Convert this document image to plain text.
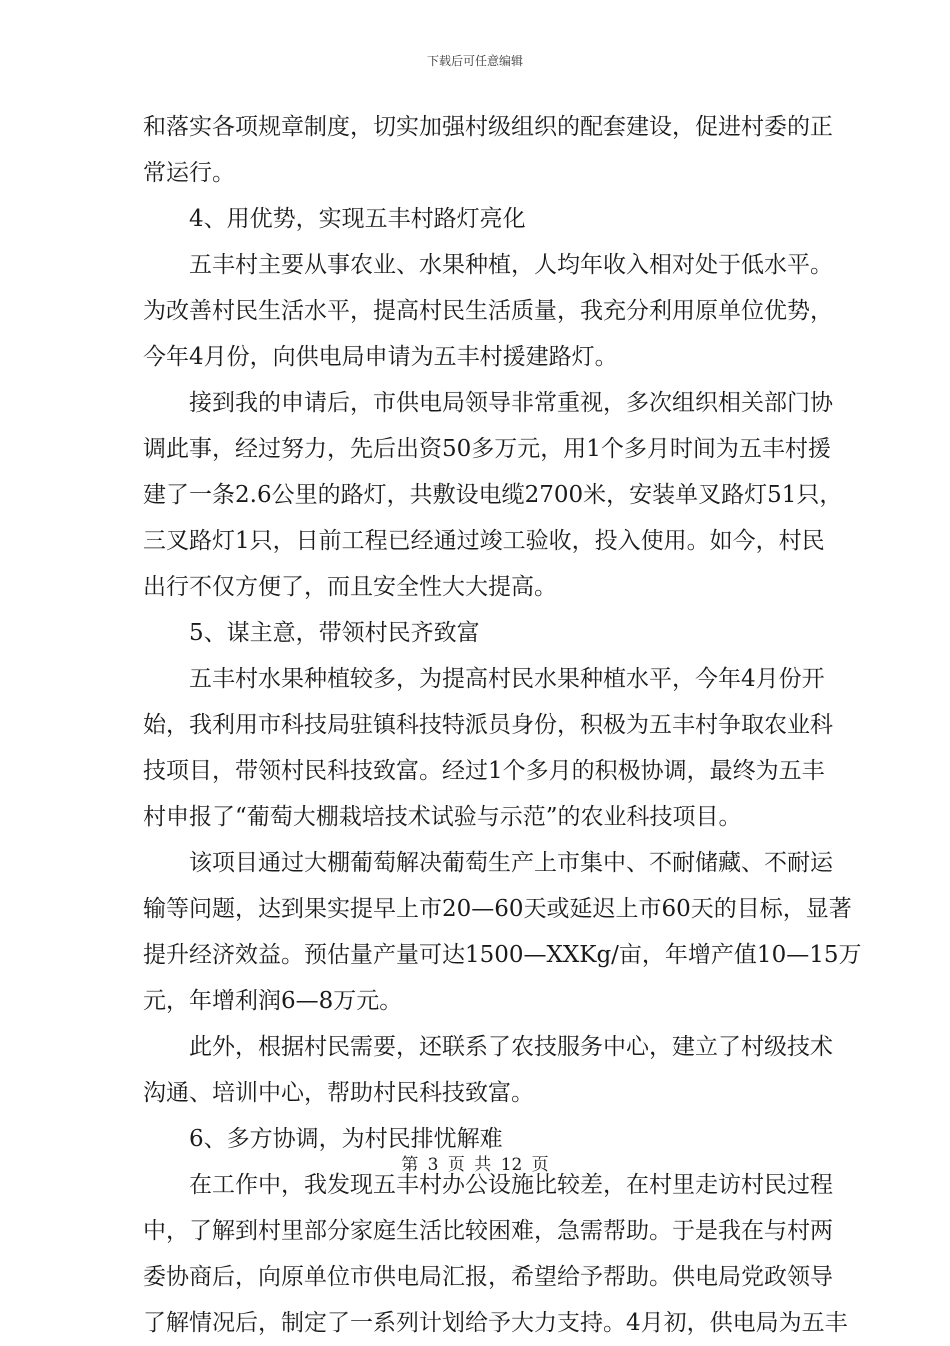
下载后可任意编辑
和落实各项规章制度，切实加强村级组织的配套建设，促进村委的正
常运行。
4、用优势，实现五丰村路灯亮化
五丰村主要从事农业、水果种植，人均年收入相对处于低水平。
为改善村民生活水平，提高村民生活质量，我充分利用原单位优势，
今年4月份，向供电局申请为五丰村援建路灯。
接到我的申请后，市供电局领导非常重视，多次组织相关部门协
调此事，经过努力，先后出资50多万元，用1个多月时间为五丰村援
建了一条2.6公里的路灯，共敷设电缆2700米，安装单叉路灯51只，
三叉路灯1只，日前工程已经通过竣工验收，投入使用。如今，村民
出行不仅方便了，而且安全性大大提高。
5、谋主意，带领村民齐致富
五丰村水果种植较多，为提高村民水果种植水平，今年4月份开
始，我利用市科技局驻镇科技特派员身份，积极为五丰村争取农业科
技项目，带领村民科技致富。经过1个多月的积极协调，最终为五丰
村申报了“葡萄大棚栽培技术试验与示范”的农业科技项目。
该项目通过大棚葡萄解决葡萄生产上市集中、不耐储藏、不耐运
输等问题，达到果实提早上市20—60天或延迟上市60天的目标，显著
提升经济效益。预估量产量可达1500—XXKg/亩，年增产值10—15万
元，年增利润6—8万元。
此外，根据村民需要，还联系了农技服务中心，建立了村级技术
沟通、培训中心，帮助村民科技致富。
6、多方协调，为村民排忧解难
在工作中，我发现五丰村办公设施比较差，在村里走访村民过程
中，了解到村里部分家庭生活比较困难，急需帮助。于是我在与村两
委协商后，向原单位市供电局汇报，希望给予帮助。供电局党政领导
了解情况后，制定了一系列计划给予大力支持。4月初，供电局为五丰
第 3 页 共 12 页
